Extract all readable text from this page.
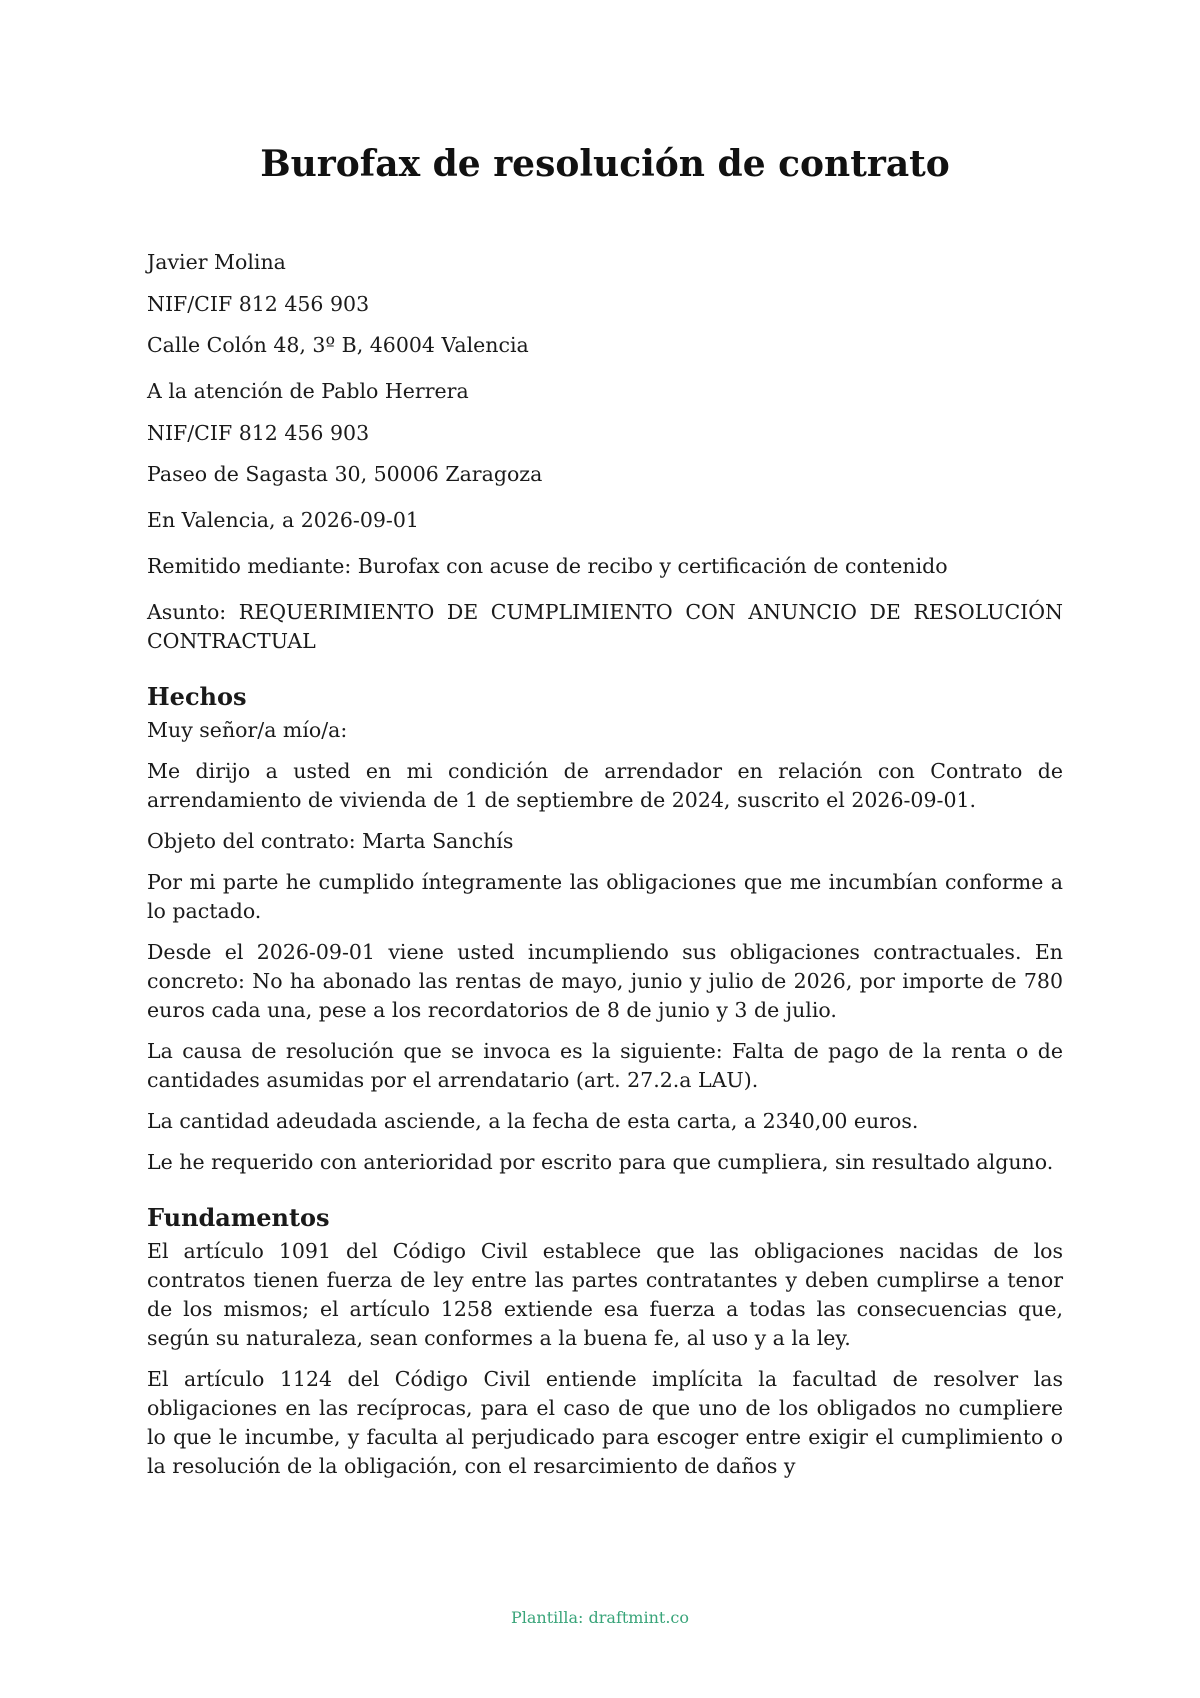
Burofax de resolución de contrato
Javier Molina
NIF/CIF 812 456 903
Calle Colón 48, 3º B, 46004 Valencia
A la atención de Pablo Herrera
NIF/CIF 812 456 903
Paseo de Sagasta 30, 50006 Zaragoza
En Valencia, a 2026-09-01
Remitido mediante: Burofax con acuse de recibo y certificación de contenido

Asunto: REQUERIMIENTO DE CUMPLIMIENTO CON ANUNCIO DE RESOLUCIÓN CONTRACTUAL

Hechos

Muy señor/a mío/a:

Me dirijo a usted en mi condición de arrendador en relación con Contrato de arrendamiento de vivienda de 1 de septiembre de 2024, suscrito el 2026-09-01.

Objeto del contrato: Marta Sanchís

Por mi parte he cumplido íntegramente las obligaciones que me incumbían conforme a lo pactado.

Desde el 2026-09-01 viene usted incumpliendo sus obligaciones contractuales. En concreto: No ha abonado las rentas de mayo, junio y julio de 2026, por importe de 780 euros cada una, pese a los recordatorios de 8 de junio y 3 de julio.

La causa de resolución que se invoca es la siguiente: Falta de pago de la renta o de cantidades asumidas por el arrendatario (art. 27.2.a LAU).

La cantidad adeudada asciende, a la fecha de esta carta, a 2340,00 euros.

Le he requerido con anterioridad por escrito para que cumpliera, sin resultado alguno.

Fundamentos

El artículo 1091 del Código Civil establece que las obligaciones nacidas de los contratos tienen fuerza de ley entre las partes contratantes y deben cumplirse a tenor de los mismos; el artículo 1258 extiende esa fuerza a todas las consecuencias que, según su naturaleza, sean conformes a la buena fe, al uso y a la ley.

El artículo 1124 del Código Civil entiende implícita la facultad de resolver las obligaciones en las recíprocas, para el caso de que uno de los obligados no cumpliere lo que le incumbe, y faculta al perjudicado para escoger entre exigir el cumplimiento o la resolución de la obligación, con el resarcimiento de daños y

Plantilla: draftmint.co
